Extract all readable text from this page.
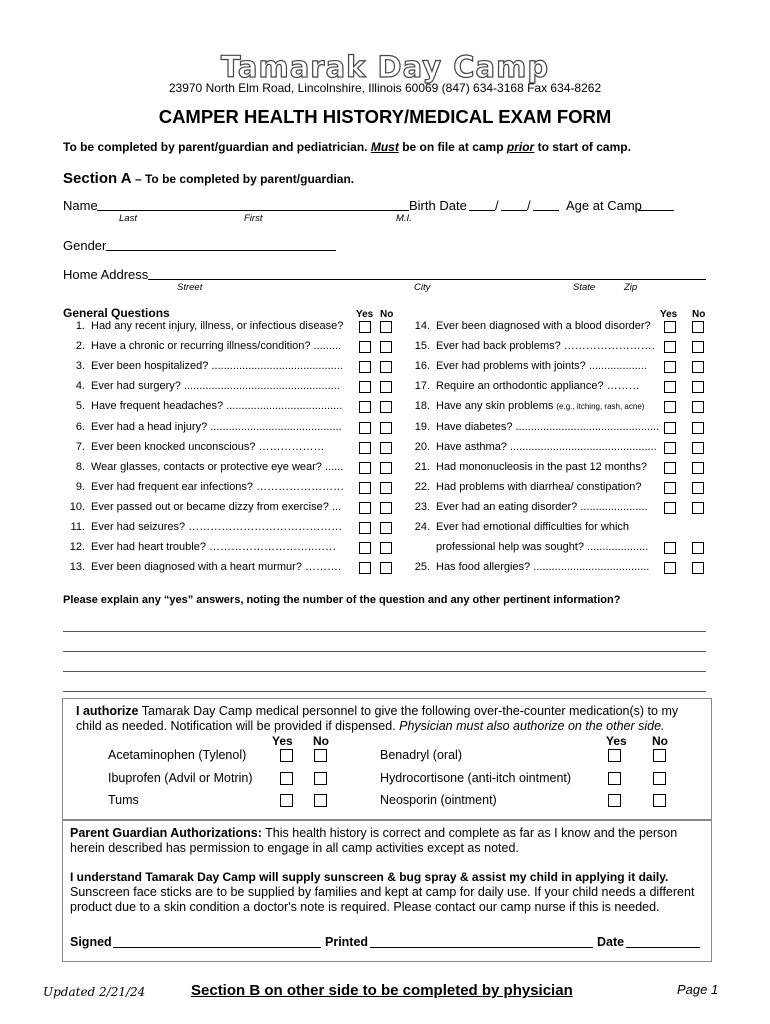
Tamarak Day Camp
23970 North Elm Road, Lincolnshire, Illinois 60069 (847) 634-3168 Fax 634-8262
CAMPER HEALTH HISTORY/MEDICAL EXAM FORM
To be completed by parent/guardian and pediatrician. Must be on file at camp prior to start of camp.
Section A – To be completed by parent/guardian.
Name	Birth Date / /	Age at Camp
Last	First	M.I.
Gender
Home Address
Street	City	State	Zip
General Questions	Yes No	Yes No
1. Had any recent injury, illness, or infectious disease?
2. Have a chronic or recurring illness/condition? .........
3. Ever been hospitalized? ...........................................
4. Ever had surgery? ...................................................
5. Have frequent headaches? ......................................
6. Ever had a head injury? ...........................................
7. Ever been knocked unconscious? ………………
8. Wear glasses, contacts or protective eye wear? ......
9. Ever had frequent ear infections? ……………………
10. Ever passed out or became dizzy from exercise? ...
11. Ever had seizures? ……………………………………
12. Ever had heart trouble? ………………………..……
13. Ever been diagnosed with a heart murmur? ……….
14. Ever been diagnosed with a blood disorder?
15. Ever had back problems? …………………….
16. Ever had problems with joints? ...................
17. Require an orthodontic appliance? ………
18. Have any skin problems (e.g., itching, rash, acne)
19. Have diabetes? ...............................................
20. Have asthma? ................................................
21. Had mononucleosis in the past 12 months?
22. Had problems with diarrhea/ constipation?
23. Ever had an eating disorder? ......................
24. Ever had emotional difficulties for which
professional help was sought? ....................
25. Has food allergies? ......................................
Please explain any “yes” answers, noting the number of the question and any other pertinent information?
I authorize Tamarak Day Camp medical personnel to give the following over-the-counter medication(s) to my
child as needed. Notification will be provided if dispensed. Physician must also authorize on the other side.
Yes No	Yes No
Acetaminophen (Tylenol)
Ibuprofen (Advil or Motrin)
Tums
Benadryl (oral)
Hydrocortisone (anti-itch ointment)
Neosporin (ointment)
Parent Guardian Authorizations: This health history is correct and complete as far as I know and the person
herein described has permission to engage in all camp activities except as noted.
I understand Tamarak Day Camp will supply sunscreen & bug spray & assist my child in applying it daily.
Sunscreen face sticks are to be supplied by families and kept at camp for daily use. If your child needs a different
product due to a skin condition a doctor's note is required. Please contact our camp nurse if this is needed.
Signed	Printed	Date
Updated 2/21/24	Section B on other side to be completed by physician	Page 1
